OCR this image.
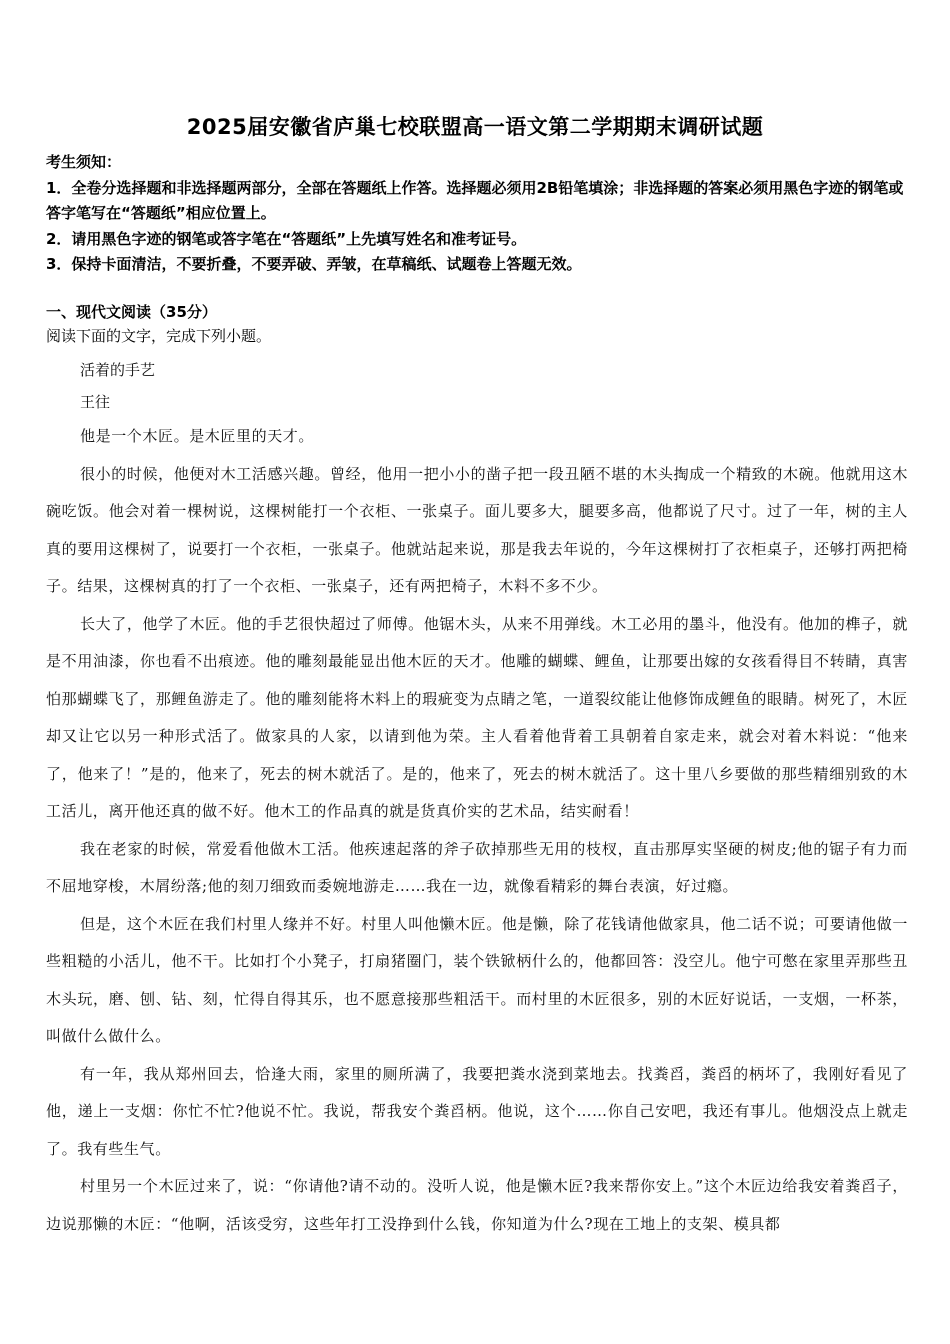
2025届安徽省庐巢七校联盟高一语文第二学期期末调研试题

考生须知：

1．全卷分选择题和非选择题两部分，全部在答题纸上作答。选择题必须用2B铅笔填涂；非选择题的答案必须用黑色字迹的钢笔或答字笔写在“答题纸”相应位置上。

2．请用黑色字迹的钢笔或答字笔在“答题纸”上先填写姓名和准考证号。

3．保持卡面清洁，不要折叠，不要弄破、弄皱，在草稿纸、试题卷上答题无效。

一、现代文阅读（35分）
阅读下面的文字，完成下列小题。

活着的手艺

王往

他是一个木匠。是木匠里的天才。

很小的时候，他便对木工活感兴趣。曾经，他用一把小小的凿子把一段丑陋不堪的木头掏成一个精致的木碗。他就用这木碗吃饭。他会对着一棵树说，这棵树能打一个衣柜、一张桌子。面儿要多大，腿要多高，他都说了尺寸。过了一年，树的主人真的要用这棵树了，说要打一个衣柜，一张桌子。他就站起来说，那是我去年说的，今年这棵树打了衣柜桌子，还够打两把椅子。结果，这棵树真的打了一个衣柜、一张桌子，还有两把椅子，木料不多不少。

长大了，他学了木匠。他的手艺很快超过了师傅。他锯木头，从来不用弹线。木工必用的墨斗，他没有。他加的榫子，就是不用油漆，你也看不出痕迹。他的雕刻最能显出他木匠的天才。他雕的蝴蝶、鲤鱼，让那要出嫁的女孩看得目不转睛，真害怕那蝴蝶飞了，那鲤鱼游走了。他的雕刻能将木料上的瑕疵变为点睛之笔，一道裂纹能让他修饰成鲤鱼的眼睛。树死了，木匠却又让它以另一种形式活了。做家具的人家，以请到他为荣。主人看着他背着工具朝着自家走来，就会对着木料说：“他来了，他来了！”是的，他来了，死去的树木就活了。是的，他来了，死去的树木就活了。这十里八乡要做的那些精细别致的木工活儿，离开他还真的做不好。他木工的作品真的就是货真价实的艺术品，结实耐看！

我在老家的时候，常爱看他做木工活。他疾速起落的斧子砍掉那些无用的枝杈，直击那厚实坚硬的树皮;他的锯子有力而不屈地穿梭，木屑纷落;他的刻刀细致而委婉地游走……我在一边，就像看精彩的舞台表演，好过瘾。

但是，这个木匠在我们村里人缘并不好。村里人叫他懒木匠。他是懒，除了花钱请他做家具，他二话不说；可要请他做一些粗糙的小活儿，他不干。比如打个小凳子，打扇猪圈门，装个铁锨柄什么的，他都回答：没空儿。他宁可憋在家里弄那些丑木头玩，磨、刨、钻、刻，忙得自得其乐，也不愿意接那些粗活干。而村里的木匠很多，别的木匠好说话，一支烟，一杯茶，叫做什么做什么。

有一年，我从郑州回去，恰逢大雨，家里的厕所满了，我要把粪水浇到菜地去。找粪舀，粪舀的柄坏了，我刚好看见了他，递上一支烟：你忙不忙?他说不忙。我说，帮我安个粪舀柄。他说，这个……你自己安吧，我还有事儿。他烟没点上就走了。我有些生气。

村里另一个木匠过来了，说：“你请他?请不动的。没听人说，他是懒木匠?我来帮你安上。”这个木匠边给我安着粪舀子，边说那懒的木匠：“他啊，活该受穷，这些年打工没挣到什么钱，你知道为什么?现在工地上的支架、模具都
